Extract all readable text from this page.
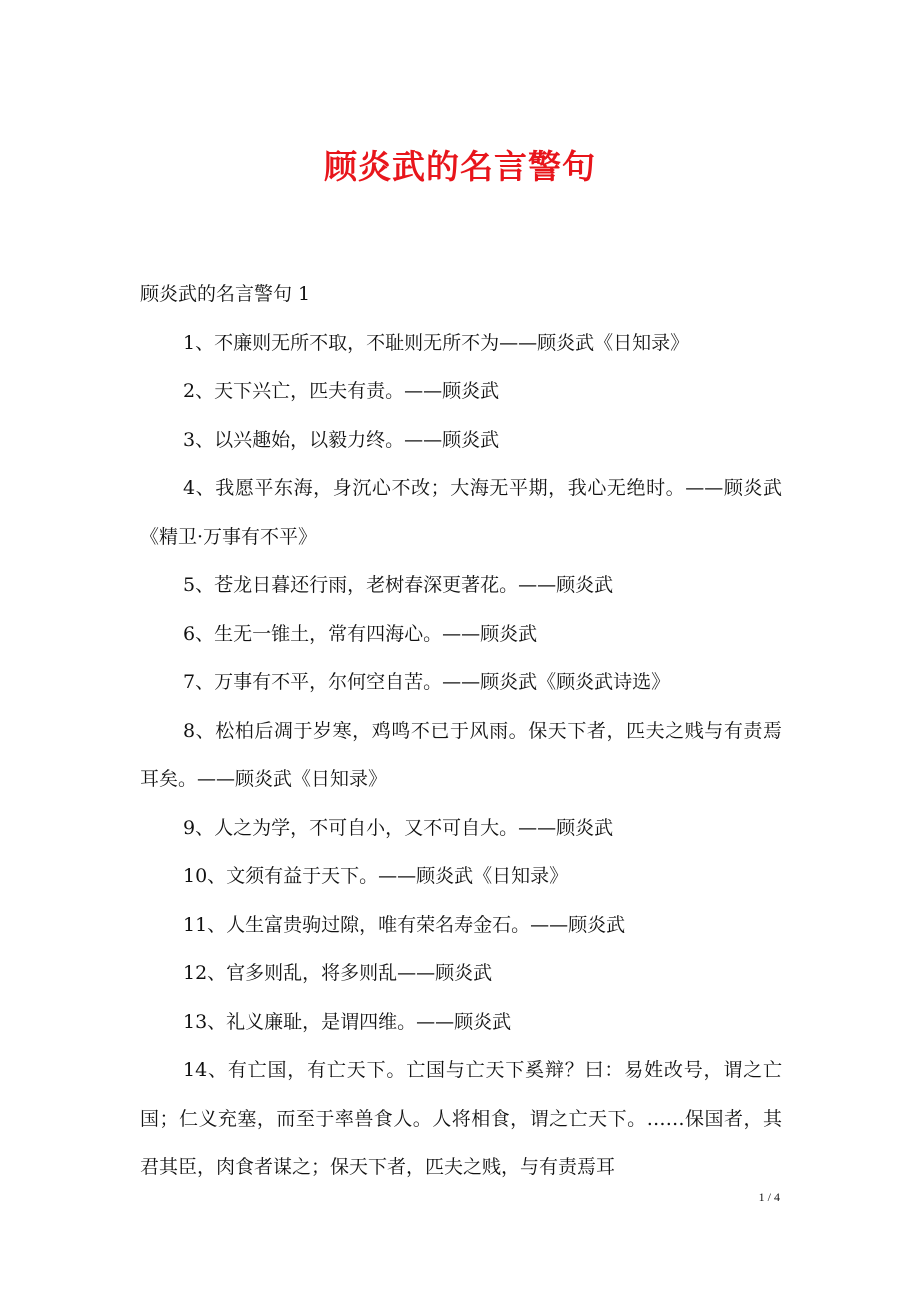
顾炎武的名言警句

顾炎武的名言警句 1

1、不廉则无所不取，不耻则无所不为——顾炎武《日知录》

2、天下兴亡，匹夫有责。——顾炎武

3、以兴趣始，以毅力终。——顾炎武

4、我愿平东海，身沉心不改；大海无平期，我心无绝时。——顾炎武《精卫·万事有不平》

5、苍龙日暮还行雨，老树春深更著花。——顾炎武

6、生无一锥土，常有四海心。——顾炎武

7、万事有不平，尔何空自苦。——顾炎武《顾炎武诗选》

8、松柏后凋于岁寒，鸡鸣不已于风雨。保天下者，匹夫之贱与有责焉耳矣。——顾炎武《日知录》

9、人之为学，不可自小，又不可自大。——顾炎武

10、文须有益于天下。——顾炎武《日知录》

11、人生富贵驹过隙，唯有荣名寿金石。——顾炎武

12、官多则乱，将多则乱——顾炎武

13、礼义廉耻，是谓四维。——顾炎武

14、有亡国，有亡天下。亡国与亡天下奚辩？曰：易姓改号，谓之亡国；仁义充塞，而至于率兽食人。人将相食，谓之亡天下。……保国者，其君其臣，肉食者谋之；保天下者，匹夫之贱，与有责焉耳

1 / 4
